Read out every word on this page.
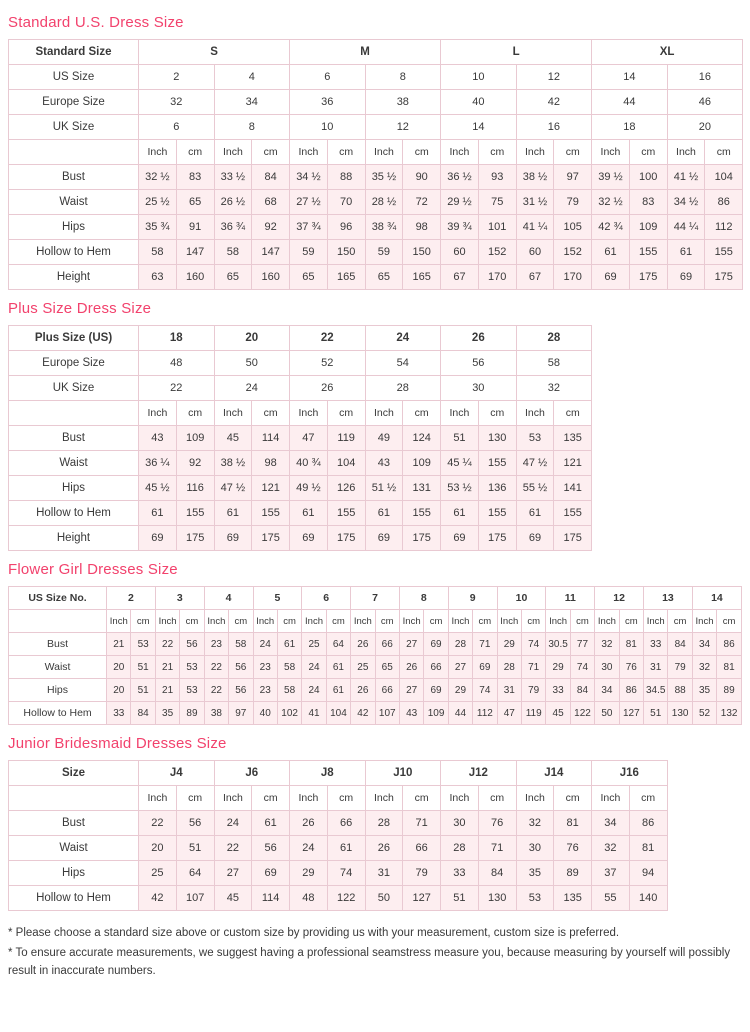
Standard U.S. Dress Size
Standard Size	S				M				L				XL			
US Size	2		4		6		8		10		12		14		16	
Europe Size	32		34		36		38		40		42		44		46	
UK Size	6		8		10		12		14		16		18		20	
	Inch	cm	Inch	cm	Inch	cm	Inch	cm	Inch	cm	Inch	cm	Inch	cm	Inch	cm
Bust	32 ½	83	33 ½	84	34 ½	88	35 ½	90	36 ½	93	38 ½	97	39 ½	100	41 ½	104
Waist	25 ½	65	26 ½	68	27 ½	70	28 ½	72	29 ½	75	31 ½	79	32 ½	83	34 ½	86
Hips	35 ¾	91	36 ¾	92	37 ¾	96	38 ¾	98	39 ¾	101	41 ¼	105	42 ¾	109	44 ¼	112
Hollow to Hem	58	147	58	147	59	150	59	150	60	152	60	152	61	155	61	155
Height	63	160	65	160	65	165	65	165	67	170	67	170	69	175	69	175
Plus Size Dress Size
Plus Size (US)	18		20		22		24		26		28	
Europe Size	48		50		52		54		56		58	
UK Size	22		24		26		28		30		32	
	Inch	cm	Inch	cm	Inch	cm	Inch	cm	Inch	cm	Inch	cm
Bust	43	109	45	114	47	119	49	124	51	130	53	135
Waist	36 ¼	92	38 ½	98	40 ¾	104	43	109	45 ¼	155	47 ½	121
Hips	45 ½	116	47 ½	121	49 ½	126	51 ½	131	53 ½	136	55 ½	141
Hollow to Hem	61	155	61	155	61	155	61	155	61	155	61	155
Height	69	175	69	175	69	175	69	175	69	175	69	175
Flower Girl Dresses Size
US Size No.	2		3		4		5		6		7		8		9		10		11		12		13		14	
	Inch	cm	Inch	cm	Inch	cm	Inch	cm	Inch	cm	Inch	cm	Inch	cm	Inch	cm	Inch	cm	Inch	cm	Inch	cm	Inch	cm	Inch	cm
Bust	21	53	22	56	23	58	24	61	25	64	26	66	27	69	28	71	29	74	30.5	77	32	81	33	84	34	86
Waist	20	51	21	53	22	56	23	58	24	61	25	65	26	66	27	69	28	71	29	74	30	76	31	79	32	81
Hips	20	51	21	53	22	56	23	58	24	61	26	66	27	69	29	74	31	79	33	84	34	86	34.5	88	35	89
Hollow to Hem	33	84	35	89	38	97	40	102	41	104	42	107	43	109	44	112	47	119	45	122	50	127	51	130	52	132
Junior Bridesmaid Dresses Size
Size	J4		J6		J8		J10		J12		J14		J16	
	Inch	cm	Inch	cm	Inch	cm	Inch	cm	Inch	cm	Inch	cm	Inch	cm
Bust	22	56	24	61	26	66	28	71	30	76	32	81	34	86
Waist	20	51	22	56	24	61	26	66	28	71	30	76	32	81
Hips	25	64	27	69	29	74	31	79	33	84	35	89	37	94
Hollow to Hem	42	107	45	114	48	122	50	127	51	130	53	135	55	140

* Please choose a standard size above or custom size by providing us with your measurement, custom size is preferred.

* To ensure accurate measurements, we suggest having a professional seamstress measure you, because measuring by yourself will possibly result in inaccurate numbers.
